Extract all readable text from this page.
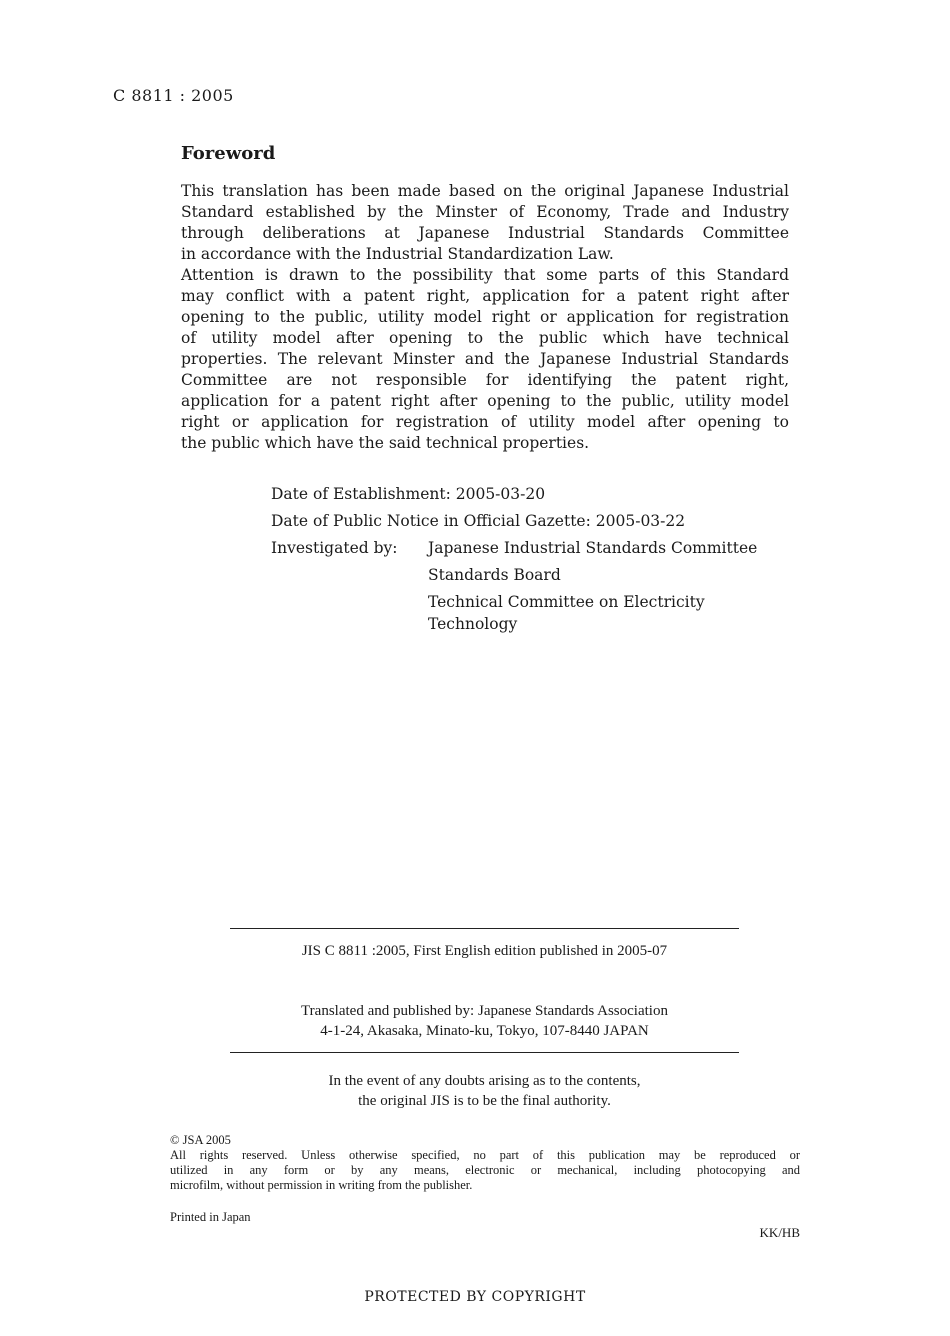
C 8811 : 2005
Foreword
This translation has been made based on the original Japanese Industrial
Standard established by the Minster of Economy, Trade and Industry
through deliberations at Japanese Industrial Standards Committee
in accordance with the Industrial Standardization Law.
Attention is drawn to the possibility that some parts of this Standard
may conflict with a patent right, application for a patent right after
opening to the public, utility model right or application for registration
of utility model after opening to the public which have technical
properties. The relevant Minster and the Japanese Industrial Standards
Committee are not responsible for identifying the patent right,
application for a patent right after opening to the public, utility model
right or application for registration of utility model after opening to
the public which have the said technical properties.
Date of Establishment: 2005-03-20
Date of Public Notice in Official Gazette: 2005-03-22
Investigated by:	Japanese Industrial Standards Committee
Standards Board
Technical Committee on Electricity
Technology
JIS C 8811 :2005, First English edition published in 2005-07
Translated and published by: Japanese Standards Association
4-1-24, Akasaka, Minato-ku, Tokyo, 107-8440 JAPAN
In the event of any doubts arising as to the contents,
the original JIS is to be the final authority.
© JSA 2005
All rights reserved. Unless otherwise specified, no part of this publication may be reproduced or
utilized in any form or by any means, electronic or mechanical, including photocopying and
microfilm, without permission in writing from the publisher.
Printed in Japan
KK/HB
PROTECTED BY COPYRIGHT
